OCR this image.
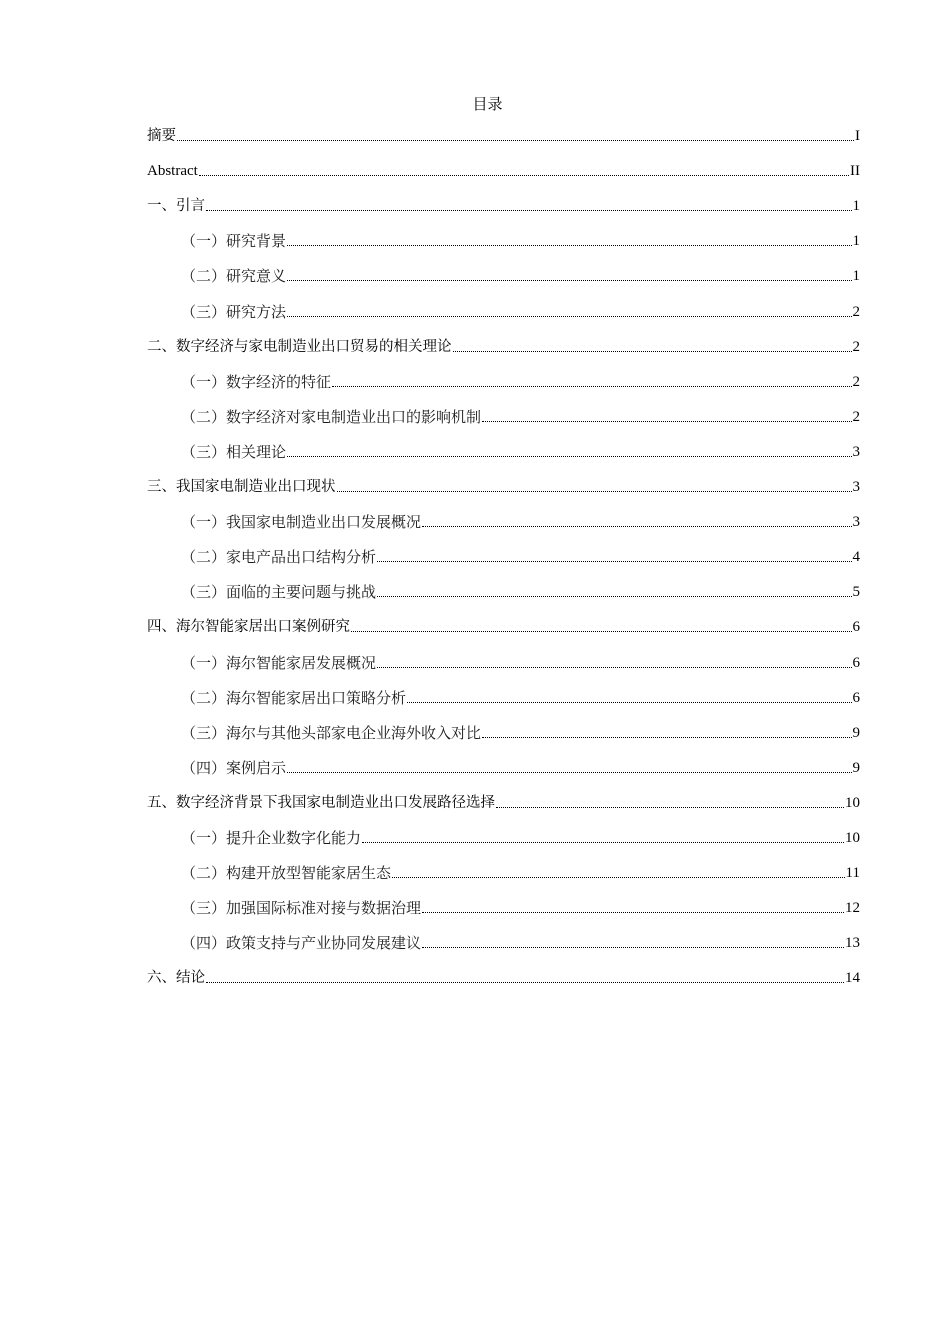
目录
摘要	I
Abstract	II
一、引言	1
（一）研究背景	1
（二）研究意义	1
（三）研究方法	2
二、数字经济与家电制造业出口贸易的相关理论	2
（一）数字经济的特征	2
（二）数字经济对家电制造业出口的影响机制	2
（三）相关理论	3
三、我国家电制造业出口现状	3
（一）我国家电制造业出口发展概况	3
（二）家电产品出口结构分析	4
（三）面临的主要问题与挑战	5
四、海尔智能家居出口案例研究	6
（一）海尔智能家居发展概况	6
（二）海尔智能家居出口策略分析	6
（三）海尔与其他头部家电企业海外收入对比	9
（四）案例启示	9
五、数字经济背景下我国家电制造业出口发展路径选择	10
（一）提升企业数字化能力	10
（二）构建开放型智能家居生态	11
（三）加强国际标准对接与数据治理	12
（四）政策支持与产业协同发展建议	13
六、结论	14
